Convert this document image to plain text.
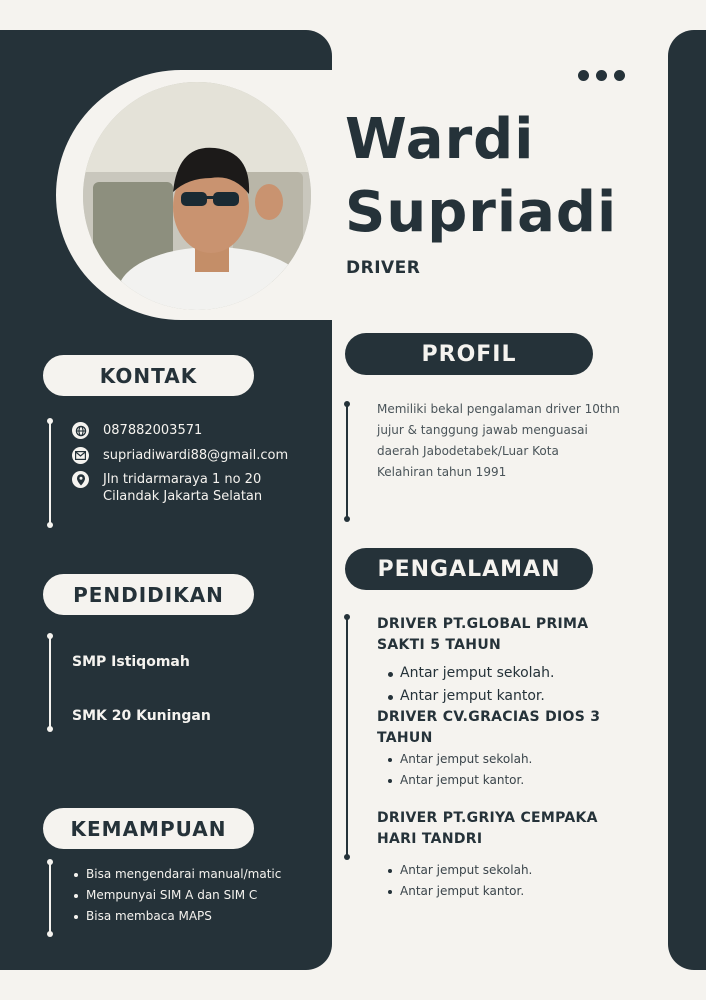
Wardi
Supriadi
DRIVER
KONTAK
087882003571
supriadiwardi88@gmail.com
Jln tridarmaraya 1 no 20
Cilandak Jakarta Selatan
PENDIDIKAN
SMP Istiqomah
SMK 20 Kuningan
KEMAMPUAN
Bisa mengendarai manual/matic
Mempunyai SIM A dan SIM C
Bisa membaca MAPS
PROFIL
Memiliki bekal pengalaman driver 10thn
jujur & tanggung jawab menguasai
daerah Jabodetabek/Luar Kota
Kelahiran tahun 1991
PENGALAMAN
DRIVER PT.GLOBAL PRIMA
SAKTI 5 TAHUN
Antar jemput sekolah.
Antar jemput kantor.
DRIVER CV.GRACIAS DIOS 3
TAHUN
Antar jemput sekolah.
Antar jemput kantor.
DRIVER PT.GRIYA CEMPAKA
HARI TANDRI
Antar jemput sekolah.
Antar jemput kantor.
